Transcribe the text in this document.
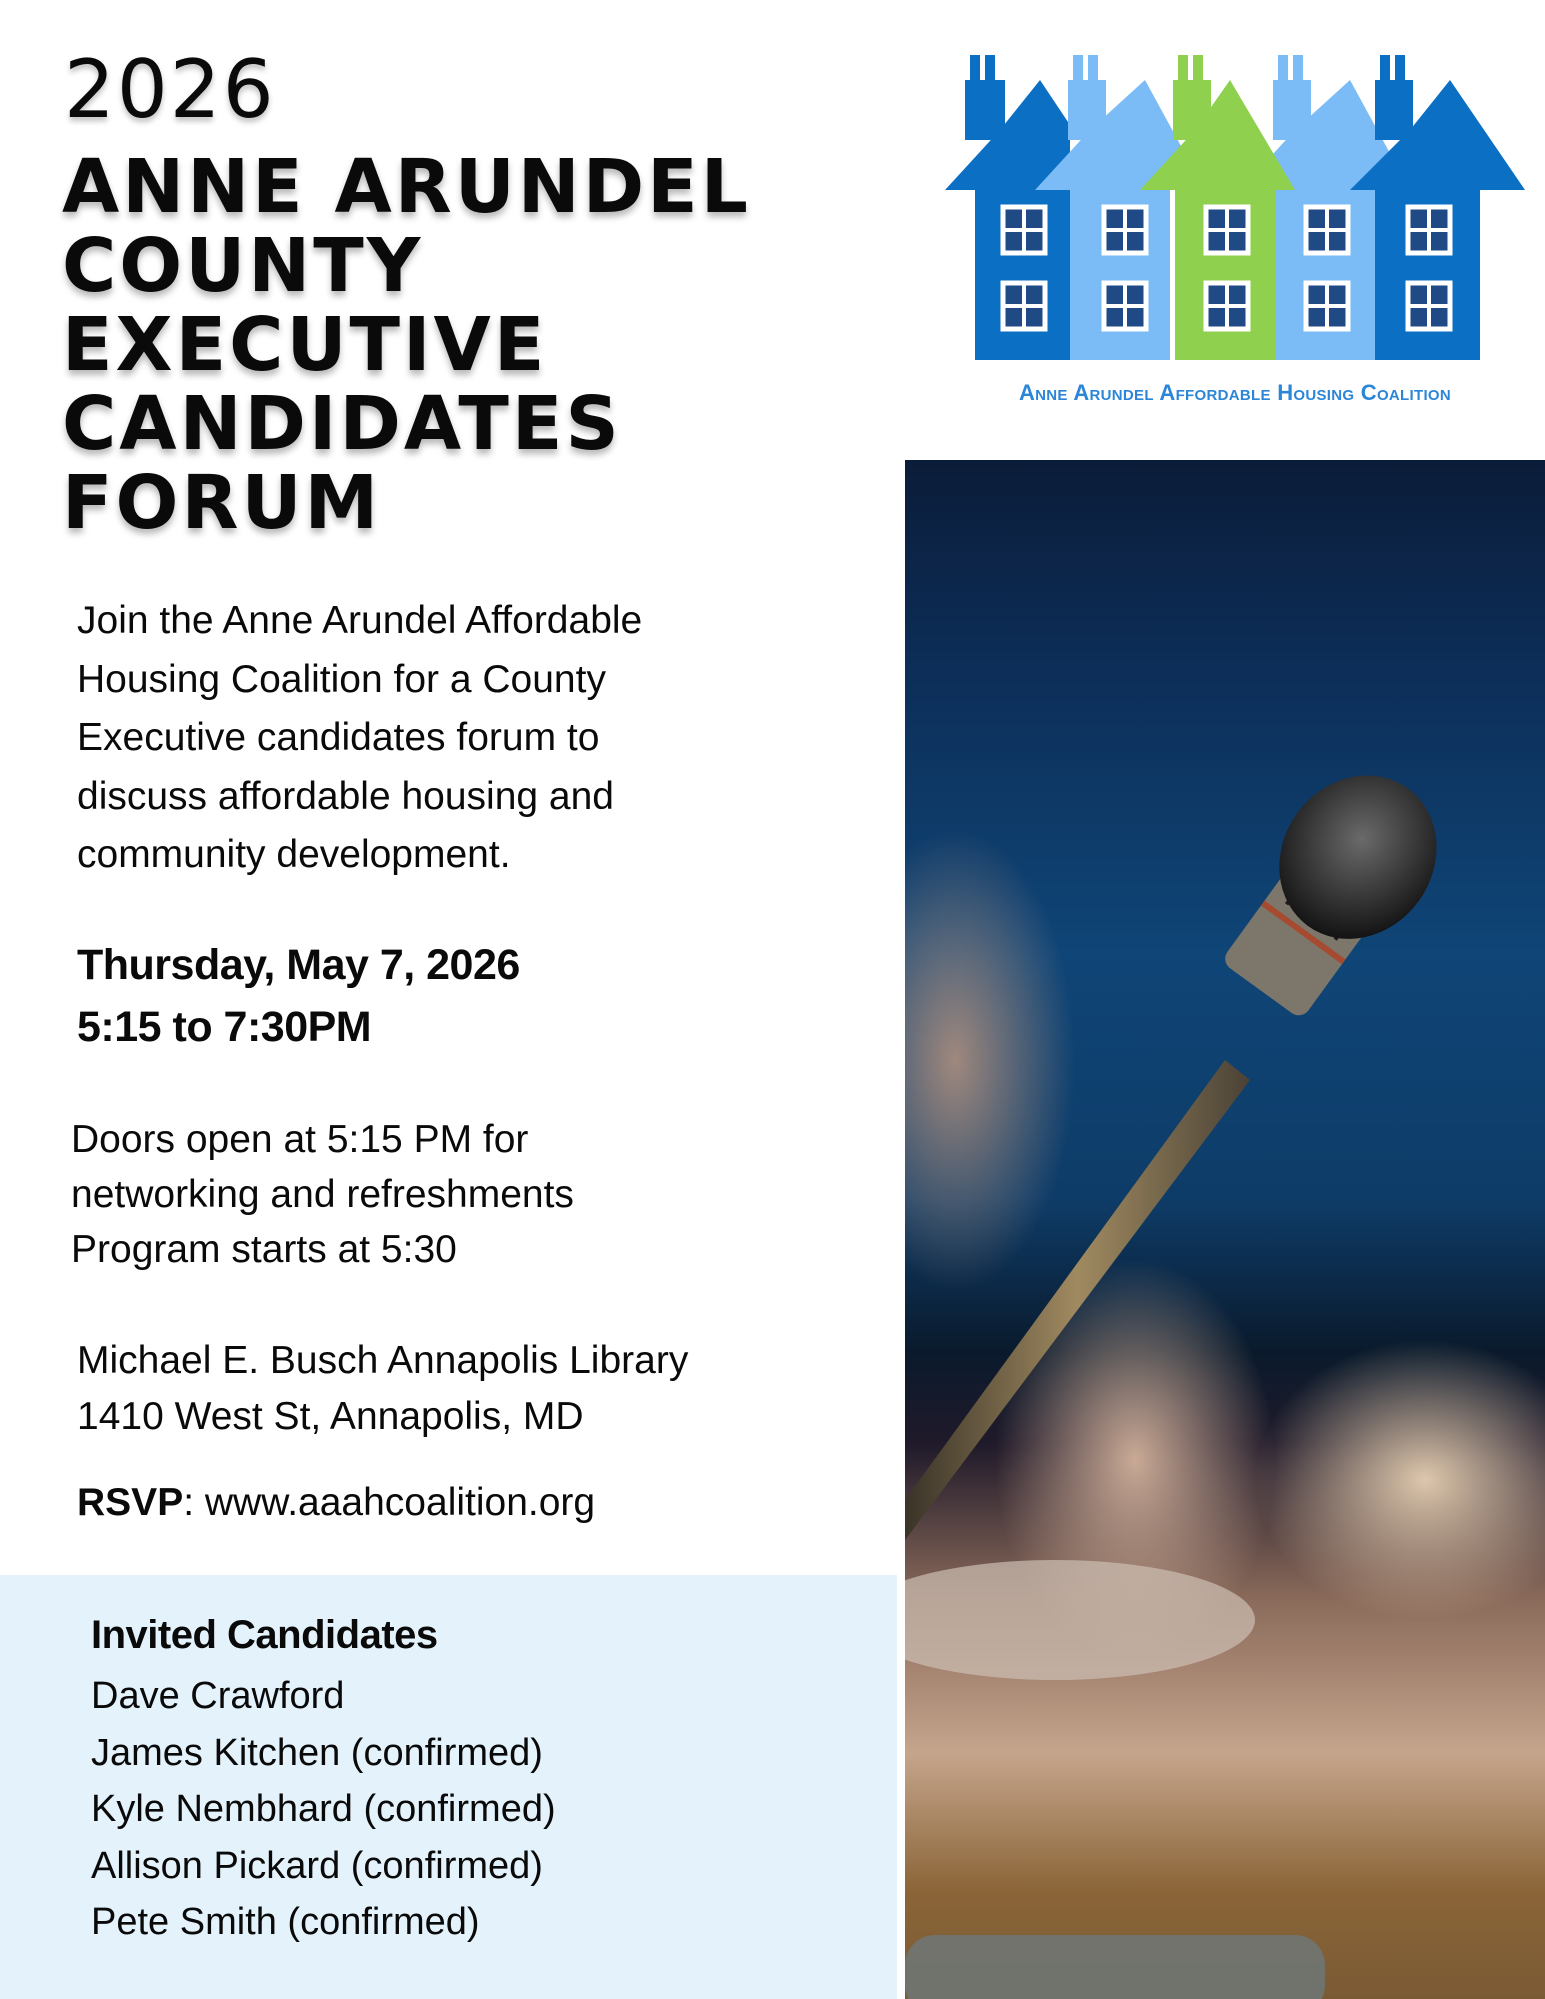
2026
ANNE ARUNDEL
COUNTY
EXECUTIVE
CANDIDATES
FORUM
Anne Arundel Affordable Housing Coalition
Join the Anne Arundel Affordable
Housing Coalition for a County
Executive candidates forum to
discuss affordable housing and
community development.
Thursday, May 7, 2026
5:15 to 7:30PM
Doors open at 5:15 PM for
networking and refreshments
Program starts at 5:30
Michael E. Busch Annapolis Library
1410 West St, Annapolis, MD
RSVP: www.aaahcoalition.org
Invited Candidates
Dave Crawford
James Kitchen (confirmed)
Kyle Nembhard (confirmed)
Allison Pickard (confirmed)
Pete Smith (confirmed)
